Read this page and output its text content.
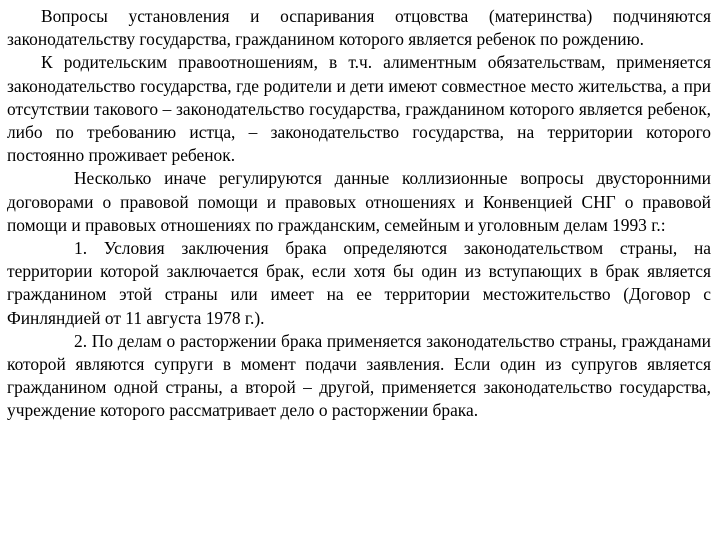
Вопросы установления и оспаривания отцовства (материнства) подчиняются законодательству государства, гражданином которого является ребенок по рождению.

К родительским правоотношениям, в т.ч. алиментным обязательствам, применяется законодательство государства, где родители и дети имеют совместное место жительства, а при отсутствии такового – законодательство государства, гражданином которого является ребенок, либо по требованию истца, – законодательство государства, на территории которого постоянно проживает ребенок.

Несколько иначе регулируются данные коллизионные вопросы двусторонними договорами о правовой помощи и правовых отношениях и Конвенцией СНГ о правовой помощи и правовых отношениях по гражданским, семейным и уголовным делам 1993 г.:

1. Условия заключения брака определяются законодательством страны, на территории которой заключается брак, если хотя бы один из вступающих в брак является гражданином этой страны или имеет на ее территории местожительство (Договор с Финляндией от 11 августа 1978 г.).

2. По делам о расторжении брака применяется законодательство страны, гражданами которой являются супруги в момент подачи заявления. Если один из супругов является гражданином одной страны, а второй – другой, применяется законодательство государства, учреждение которого рассматривает дело о расторжении брака.
